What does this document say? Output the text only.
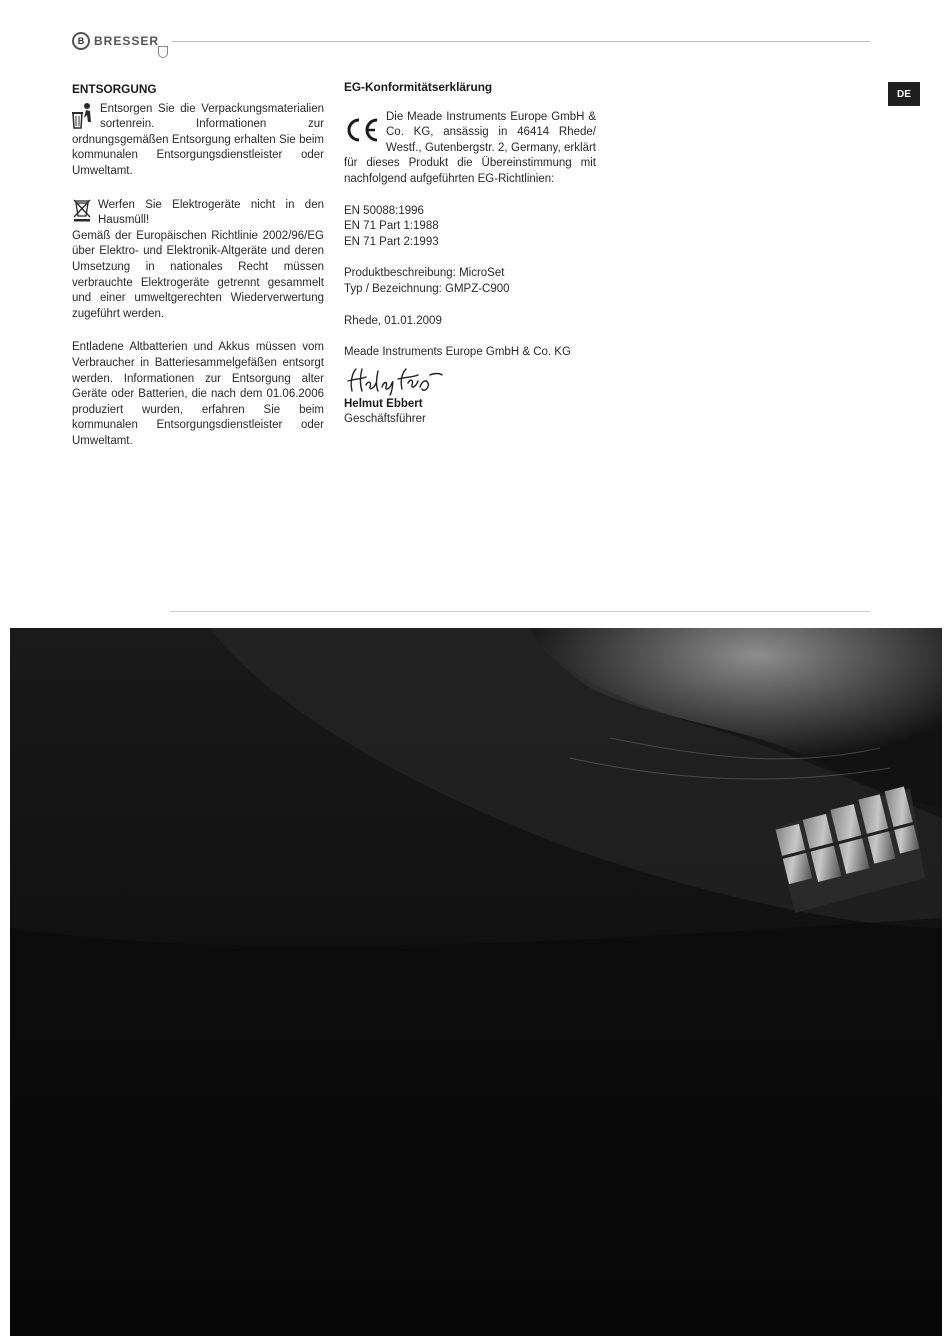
B BRESSER
DE
ENTSORGUNG

Entsorgen Sie die Verpackungsmaterialien sortenrein. Informationen zur ordnungsgemäßen Entsorgung erhalten Sie beim kommunalen Entsorgungsdienstleister oder Umweltamt.

Werfen Sie Elektrogeräte nicht in den Hausmüll!

Gemäß der Europäischen Richtlinie 2002/96/EG über Elektro- und Elektronik-Altgeräte und deren Umsetzung in nationales Recht müssen verbrauchte Elektrogeräte getrennt gesammelt und einer umweltgerechten Wiederverwertung zugeführt werden.

Entladene Altbatterien und Akkus müssen vom Verbraucher in Batteriesammelgefäßen entsorgt werden. Informationen zur Entsorgung alter Geräte oder Batterien, die nach dem 01.06.2006 produziert wurden, erfahren Sie beim kommunalen Entsorgungsdienstleister oder Umweltamt.

EG-Konformitätserklärung

Die Meade Instruments Europe GmbH & Co. KG, ansässig in 46414 Rhede/ Westf., Gutenbergstr. 2, Germany, erklärt für dieses Produkt die Übereinstimmung mit nachfolgend aufgeführten EG-Richtlinien:

EN 50088:1996
EN 71 Part 1:1988
EN 71 Part 2:1993
Produktbeschreibung: MicroSet
Typ / Bezeichnung: GMPZ-C900
Rhede, 01.01.2009
Meade Instruments Europe GmbH & Co. KG
Helmut Ebbert
Geschäftsführer
